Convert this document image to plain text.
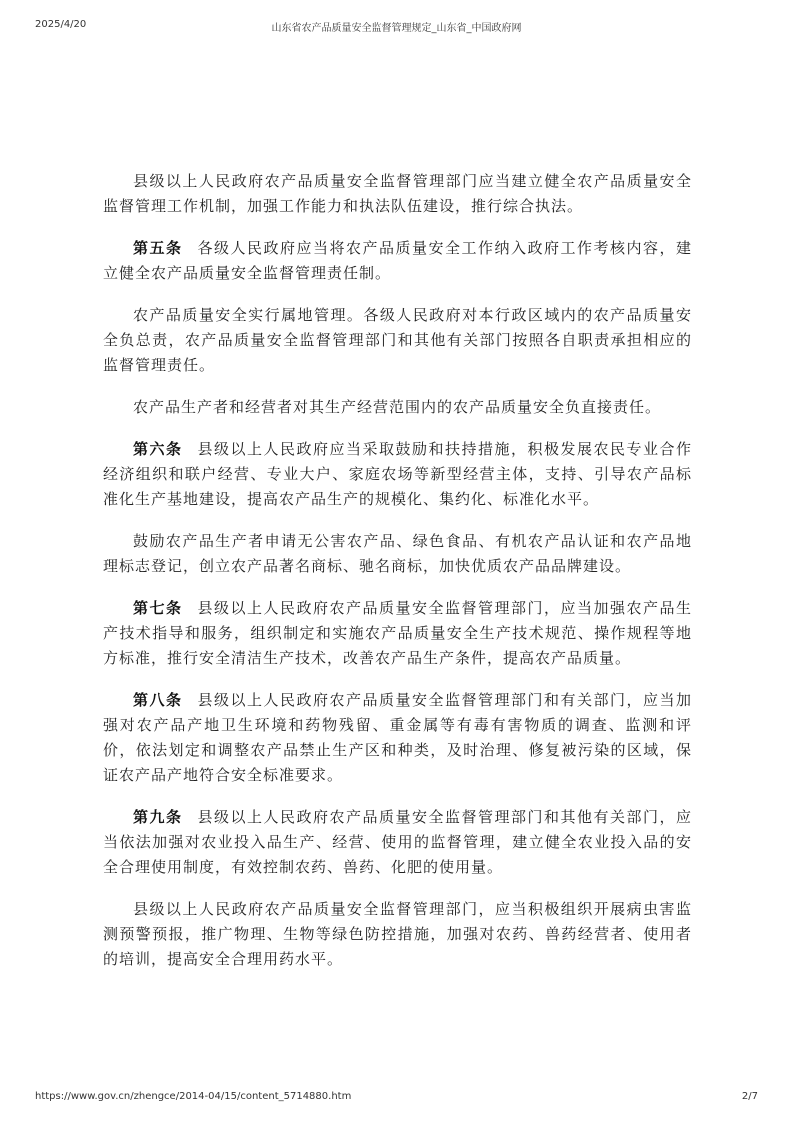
2025/4/20	山东省农产品质量安全监督管理规定_山东省_中国政府网

县级以上人民政府农产品质量安全监督管理部门应当建立健全农产品质量安全监督管理工作机制，加强工作能力和执法队伍建设，推行综合执法。

第五条 各级人民政府应当将农产品质量安全工作纳入政府工作考核内容，建立健全农产品质量安全监督管理责任制。

农产品质量安全实行属地管理。各级人民政府对本行政区域内的农产品质量安全负总责，农产品质量安全监督管理部门和其他有关部门按照各自职责承担相应的监督管理责任。

农产品生产者和经营者对其生产经营范围内的农产品质量安全负直接责任。

第六条 县级以上人民政府应当采取鼓励和扶持措施，积极发展农民专业合作经济组织和联户经营、专业大户、家庭农场等新型经营主体，支持、引导农产品标准化生产基地建设，提高农产品生产的规模化、集约化、标准化水平。

鼓励农产品生产者申请无公害农产品、绿色食品、有机农产品认证和农产品地理标志登记，创立农产品著名商标、驰名商标，加快优质农产品品牌建设。

第七条 县级以上人民政府农产品质量安全监督管理部门，应当加强农产品生产技术指导和服务，组织制定和实施农产品质量安全生产技术规范、操作规程等地方标准，推行安全清洁生产技术，改善农产品生产条件，提高农产品质量。

第八条 县级以上人民政府农产品质量安全监督管理部门和有关部门，应当加强对农产品产地卫生环境和药物残留、重金属等有毒有害物质的调查、监测和评价，依法划定和调整农产品禁止生产区和种类，及时治理、修复被污染的区域，保证农产品产地符合安全标准要求。

第九条 县级以上人民政府农产品质量安全监督管理部门和其他有关部门，应当依法加强对农业投入品生产、经营、使用的监督管理，建立健全农业投入品的安全合理使用制度，有效控制农药、兽药、化肥的使用量。

县级以上人民政府农产品质量安全监督管理部门，应当积极组织开展病虫害监测预警预报，推广物理、生物等绿色防控措施，加强对农药、兽药经营者、使用者的培训，提高安全合理用药水平。

https://www.gov.cn/zhengce/2014-04/15/content_5714880.htm	2/7
